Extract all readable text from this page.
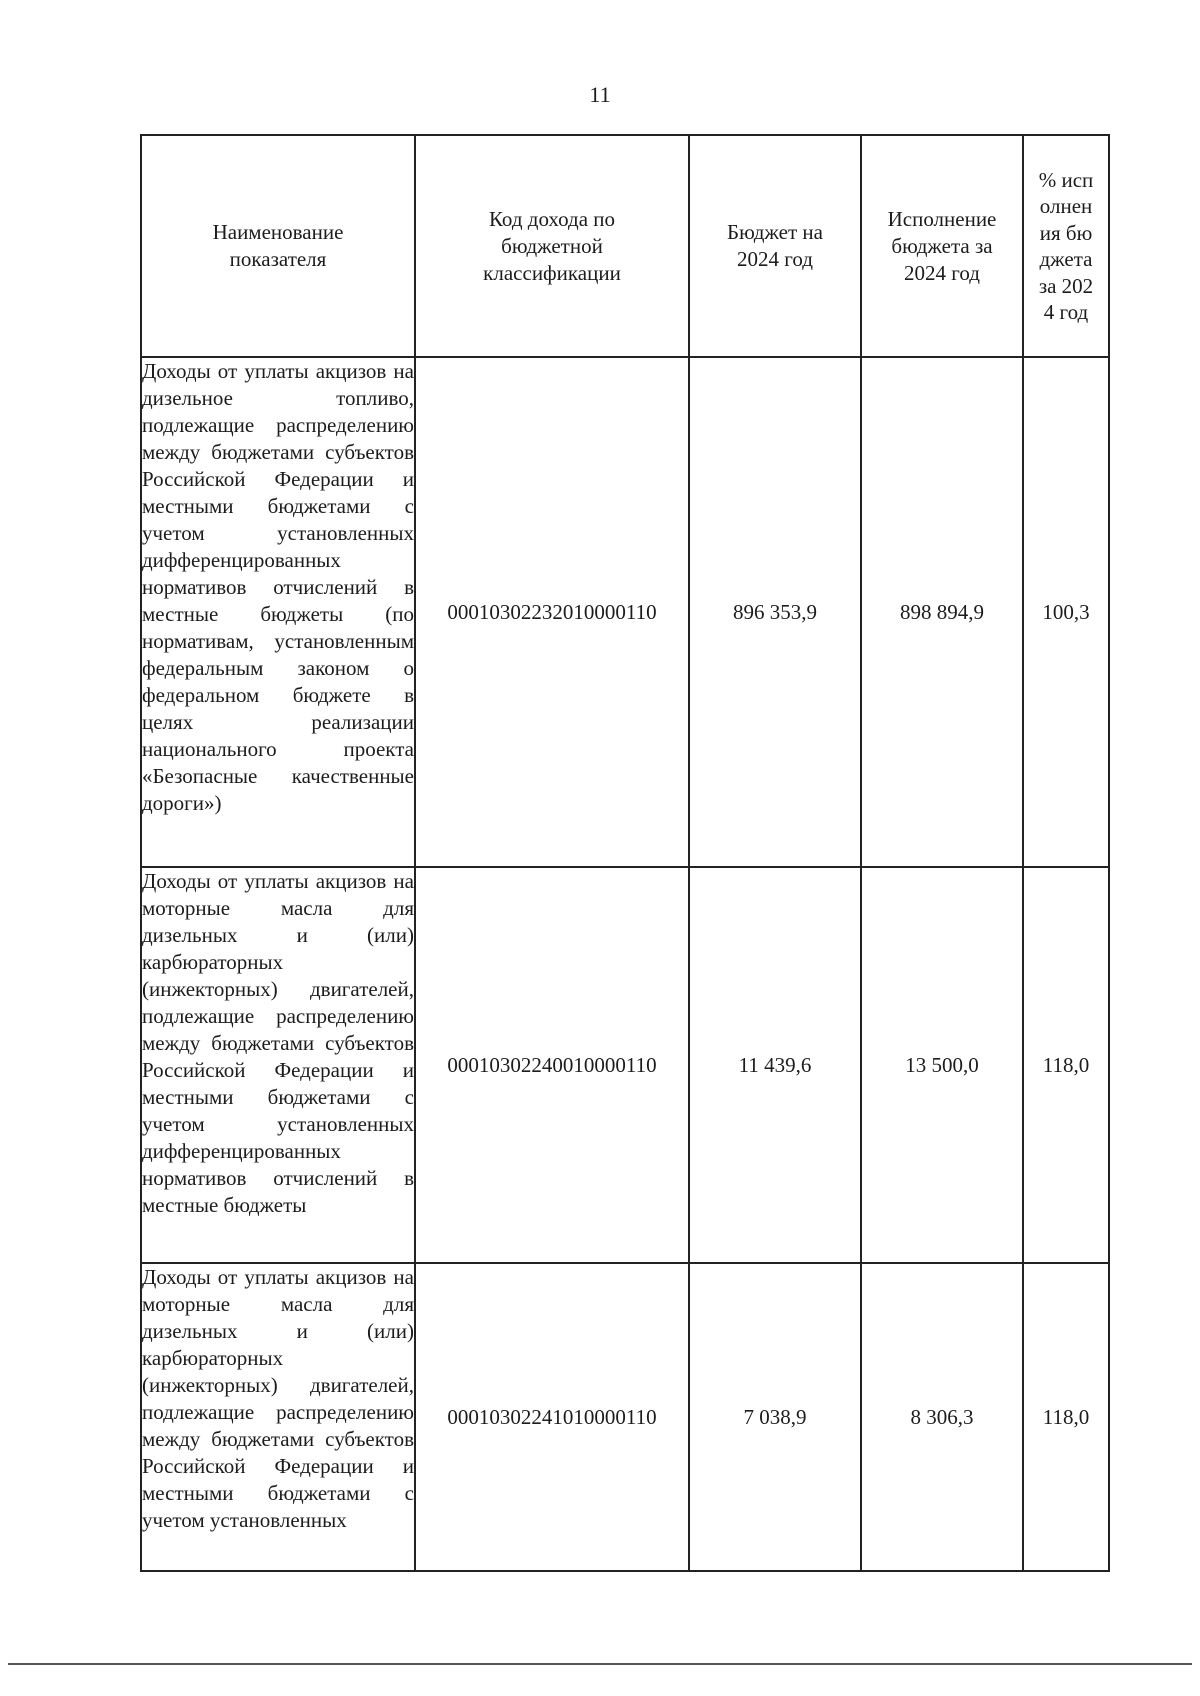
11
Наименование показателя	Код дохода по бюджетной классификации	Бюджет на 2024 год	Исполнение бюджета за 2024 год	% исполнения бюджета за 2024 год
Доходы от уплаты акцизов на дизельное топливо, подлежащие распределению между бюджетами субъектов Российской Федерации и местными бюджетами с учетом установленных дифференцированных нормативов отчислений в местные бюджеты (по нормативам, установленным федеральным законом о федеральном бюджете в целях реализации национального проекта «Безопасные качественные дороги»)	00010302232010000110	896 353,9	898 894,9	100,3
Доходы от уплаты акцизов на моторные масла для дизельных и (или) карбюраторных (инжекторных) двигателей, подлежащие распределению между бюджетами субъектов Российской Федерации и местными бюджетами с учетом установленных дифференцированных нормативов отчислений в местные бюджеты	00010302240010000110	11 439,6	13 500,0	118,0
Доходы от уплаты акцизов на моторные масла для дизельных и (или) карбюраторных (инжекторных) двигателей, подлежащие распределению между бюджетами субъектов Российской Федерации и местными бюджетами с учетом установленных	00010302241010000110	7 038,9	8 306,3	118,0
